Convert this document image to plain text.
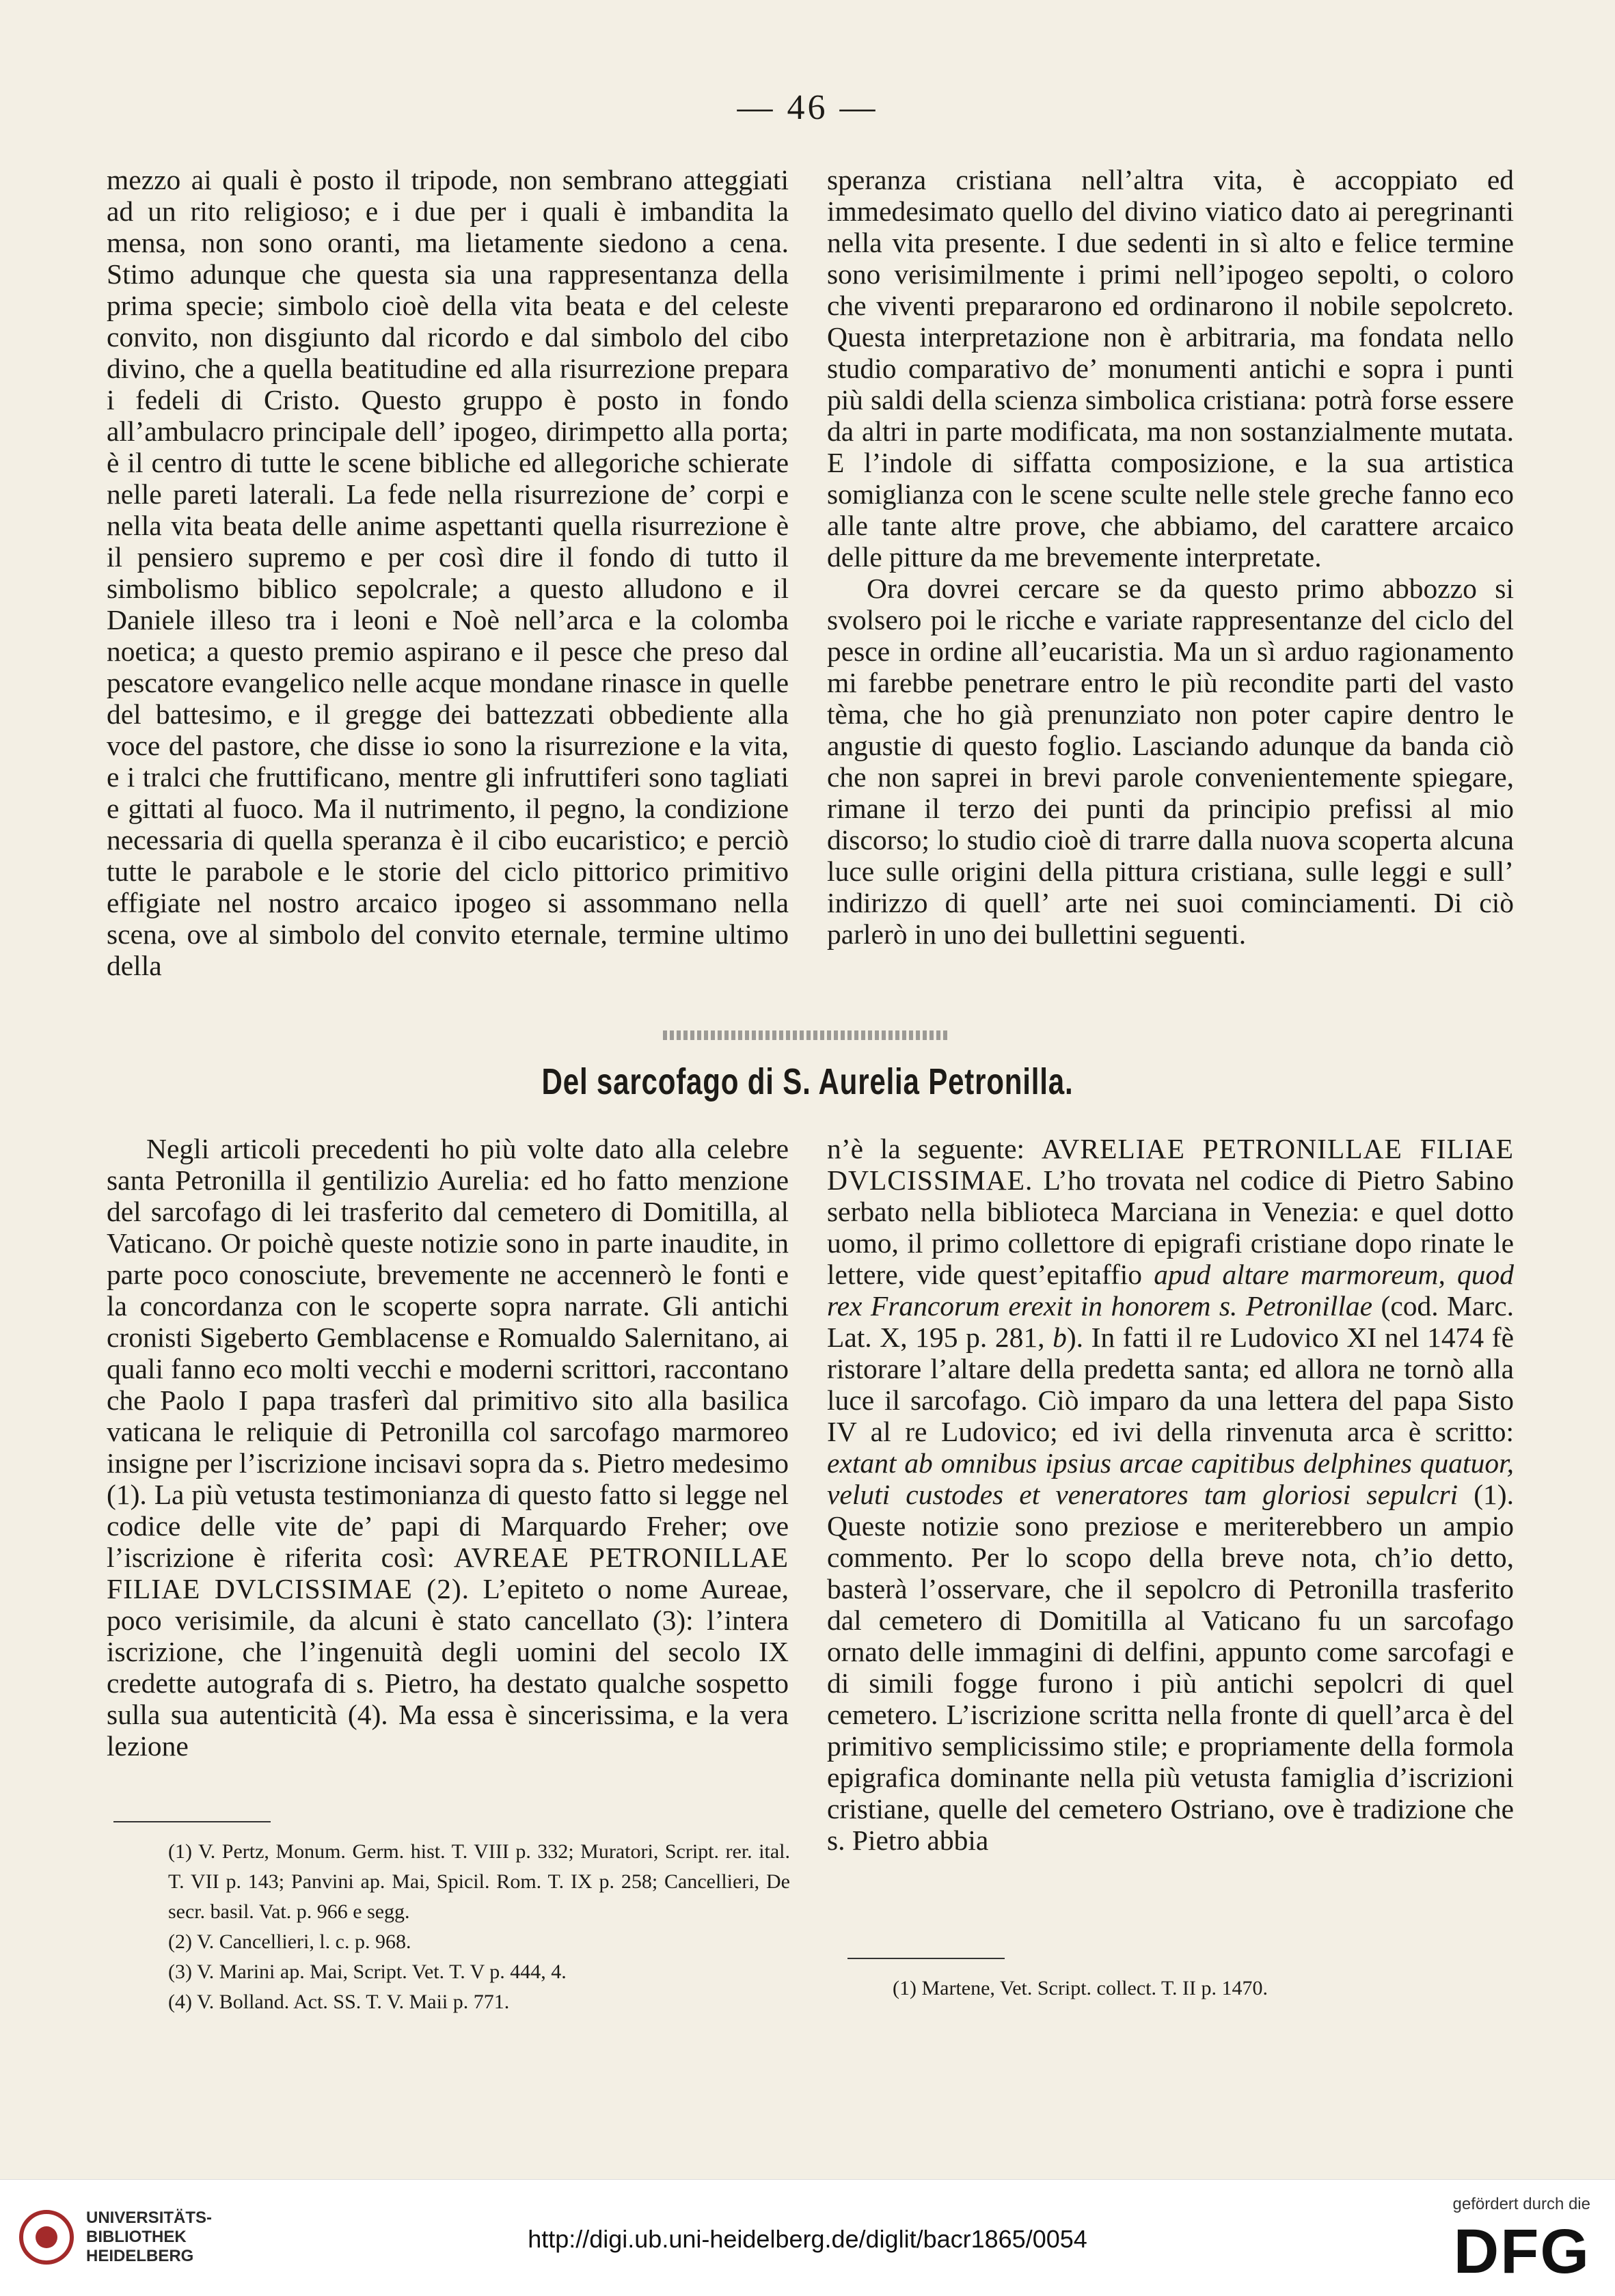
— 46 —

mezzo ai quali è posto il tripode, non sembrano atteggiati ad un rito religioso; e i due per i quali è imbandita la mensa, non sono oranti, ma lietamente siedono a cena. Stimo adunque che questa sia una rappresentanza della prima specie; simbolo cioè della vita beata e del celeste convito, non disgiunto dal ricordo e dal simbolo del cibo divino, che a quella beatitudine ed alla risurrezione prepara i fedeli di Cristo. Questo gruppo è posto in fondo all’ambulacro principale dell’ ipogeo, dirimpetto alla porta; è il centro di tutte le scene bibliche ed allegoriche schierate nelle pareti laterali. La fede nella risurrezione de’ corpi e nella vita beata delle anime aspettanti quella risurrezione è il pensiero supremo e per così dire il fondo di tutto il simbolismo biblico sepolcrale; a questo alludono e il Daniele illeso tra i leoni e Noè nell’arca e la colomba noetica; a questo premio aspirano e il pesce che preso dal pescatore evangelico nelle acque mondane rinasce in quelle del battesimo, e il gregge dei battezzati obbediente alla voce del pastore, che disse io sono la risurrezione e la vita, e i tralci che fruttificano, mentre gli infruttiferi sono tagliati e gittati al fuoco. Ma il nutrimento, il pegno, la condizione necessaria di quella speranza è il cibo eucaristico; e perciò tutte le parabole e le storie del ciclo pittorico primitivo effigiate nel nostro arcaico ipogeo si assommano nella scena, ove al simbolo del convito eternale, termine ultimo della

speranza cristiana nell’altra vita, è accoppiato ed immedesimato quello del divino viatico dato ai peregrinanti nella vita presente. I due sedenti in sì alto e felice termine sono verisimilmente i primi nell’ipogeo sepolti, o coloro che viventi prepararono ed ordinarono il nobile sepolcreto. Questa interpretazione non è arbitraria, ma fondata nello studio comparativo de’ monumenti antichi e sopra i punti più saldi della scienza simbolica cristiana: potrà forse essere da altri in parte modificata, ma non sostanzialmente mutata. E l’indole di siffatta composizione, e la sua artistica somiglianza con le scene sculte nelle stele greche fanno eco alle tante altre prove, che abbiamo, del carattere arcaico delle pitture da me brevemente interpretate.

Ora dovrei cercare se da questo primo abbozzo si svolsero poi le ricche e variate rappresentanze del ciclo del pesce in ordine all’eucaristia. Ma un sì arduo ragionamento mi farebbe penetrare entro le più recondite parti del vasto tèma, che ho già prenunziato non poter capire dentro le angustie di questo foglio. Lasciando adunque da banda ciò che non saprei in brevi parole convenientemente spiegare, rimane il terzo dei punti da principio prefissi al mio discorso; lo studio cioè di trarre dalla nuova scoperta alcuna luce sulle origini della pittura cristiana, sulle leggi e sull’ indirizzo di quell’ arte nei suoi cominciamenti. Di ciò parlerò in uno dei bullettini seguenti.

Del sarcofago di S. Aurelia Petronilla.

Negli articoli precedenti ho più volte dato alla celebre santa Petronilla il gentilizio Aurelia: ed ho fatto menzione del sarcofago di lei trasferito dal cemetero di Domitilla, al Vaticano. Or poichè queste notizie sono in parte inaudite, in parte poco conosciute, brevemente ne accennerò le fonti e la concordanza con le scoperte sopra narrate. Gli antichi cronisti Sigeberto Gemblacense e Romualdo Salernitano, ai quali fanno eco molti vecchi e moderni scrittori, raccontano che Paolo I papa trasferì dal primitivo sito alla basilica vaticana le reliquie di Petronilla col sarcofago marmoreo insigne per l’iscrizione incisavi sopra da s. Pietro medesimo (1). La più vetusta testimonianza di questo fatto si legge nel codice delle vite de’ papi di Marquardo Freher; ove l’iscrizione è riferita così: AVREAE PETRONILLAE FILIAE DVLCISSIMAE (2). L’epiteto o nome Aureae, poco verisimile, da alcuni è stato cancellato (3): l’intera iscrizione, che l’ingenuità degli uomini del secolo IX credette autografa di s. Pietro, ha destato qualche sospetto sulla sua autenticità (4). Ma essa è sincerissima, e la vera lezione

n’è la seguente: AVRELIAE PETRONILLAE FILIAE DVLCISSIMAE. L’ho trovata nel codice di Pietro Sabino serbato nella biblioteca Marciana in Venezia: e quel dotto uomo, il primo collettore di epigrafi cristiane dopo rinate le lettere, vide quest’epitaffio apud altare marmoreum, quod rex Francorum erexit in honorem s. Petronillae (cod. Marc. Lat. X, 195 p. 281, b). In fatti il re Ludovico XI nel 1474 fè ristorare l’altare della predetta santa; ed allora ne tornò alla luce il sarcofago. Ciò imparo da una lettera del papa Sisto IV al re Ludovico; ed ivi della rinvenuta arca è scritto: extant ab omnibus ipsius arcae capitibus delphines quatuor, veluti custodes et veneratores tam gloriosi sepulcri (1). Queste notizie sono preziose e meriterebbero un ampio commento. Per lo scopo della breve nota, ch’io detto, basterà l’osservare, che il sepolcro di Petronilla trasferito dal cemetero di Domitilla al Vaticano fu un sarcofago ornato delle immagini di delfini, appunto come sarcofagi e di simili fogge furono i più antichi sepolcri di quel cemetero. L’iscrizione scritta nella fronte di quell’arca è del primitivo semplicissimo stile; e propriamente della formola epigrafica dominante nella più vetusta famiglia d’iscrizioni cristiane, quelle del cemetero Ostriano, ove è tradizione che s. Pietro abbia

(1) V. Pertz, Monum. Germ. hist. T. VIII p. 332; Muratori, Script. rer. ital. T. VII p. 143; Panvini ap. Mai, Spicil. Rom. T. IX p. 258; Cancellieri, De secr. basil. Vat. p. 966 e segg.
(2) V. Cancellieri, l. c. p. 968.
(3) V. Marini ap. Mai, Script. Vet. T. V p. 444, 4.
(4) V. Bolland. Act. SS. T. V. Maii p. 771.
(1) Martene, Vet. Script. collect. T. II p. 1470.
UNIVERSITÄTS-
BIBLIOTHEK
HEIDELBERG
http://digi.ub.uni-heidelberg.de/diglit/bacr1865/0054
gefördert durch die
DFG
